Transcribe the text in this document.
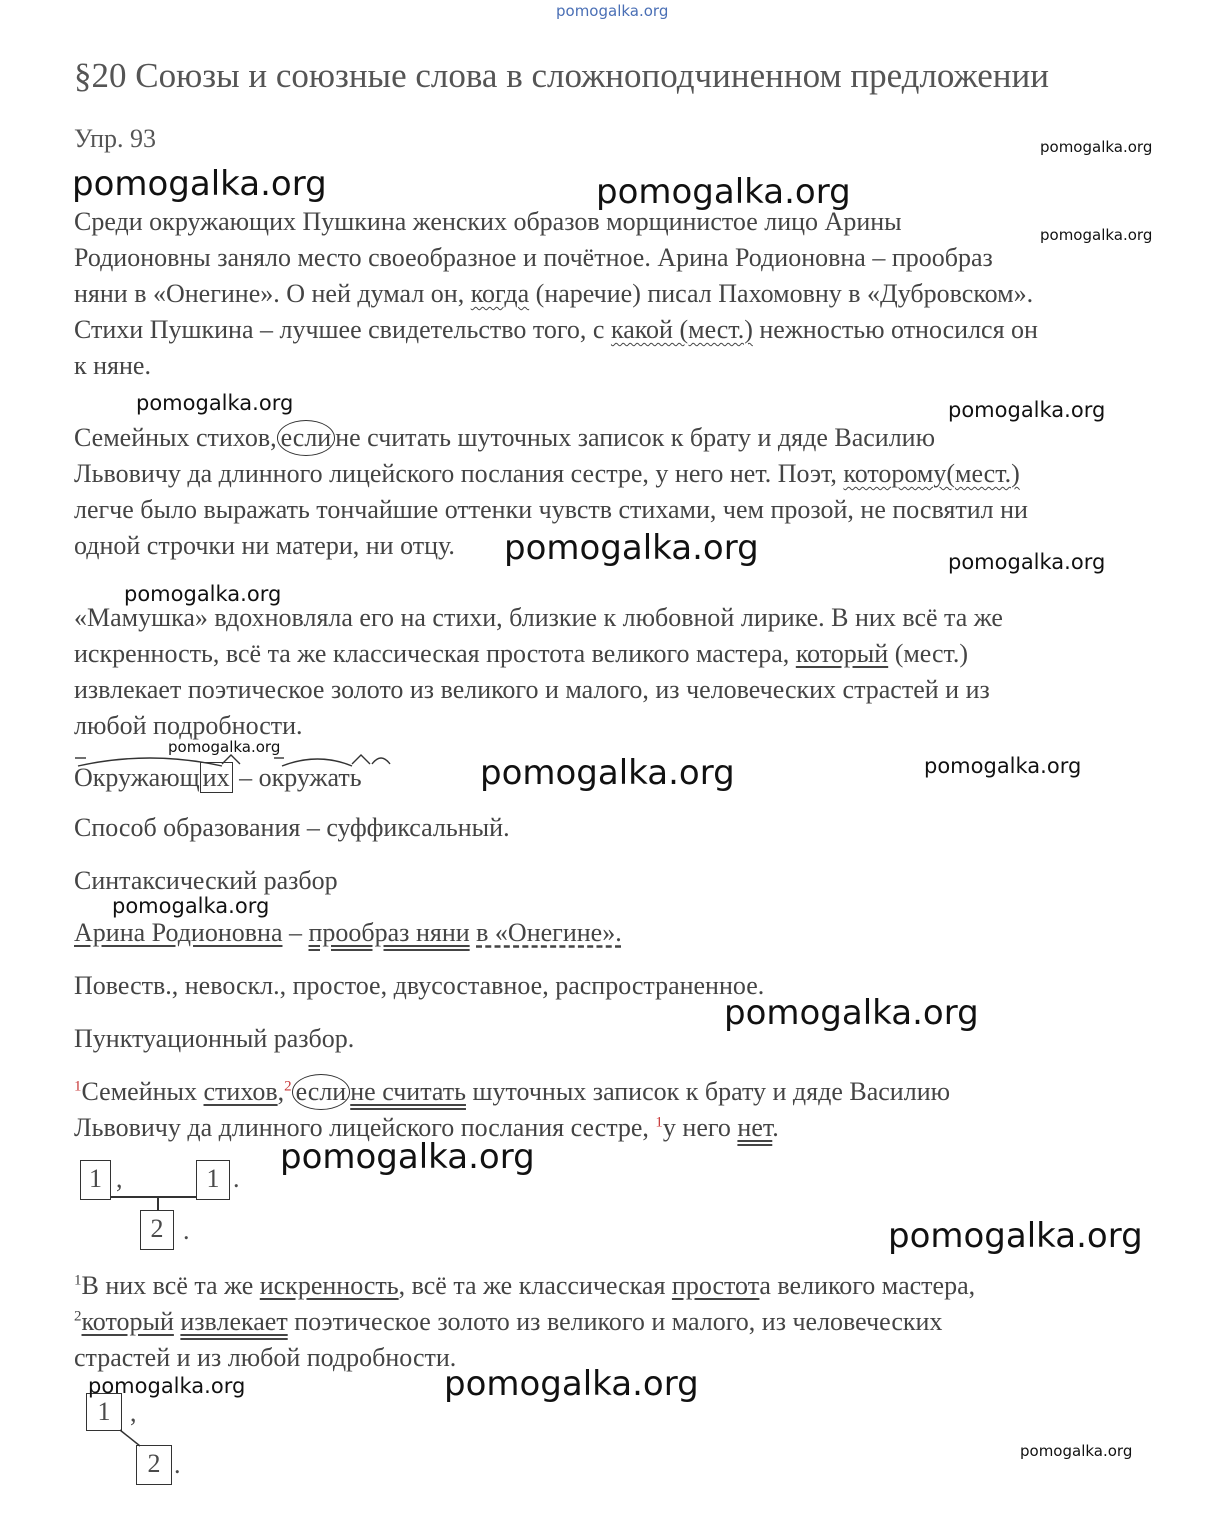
pomogalka.org
§20 Союзы и союзные слова в сложноподчиненном предложении
Упр. 93
Среди окружающих Пушкина женских образов морщинистое лицо Арины
Родионовны заняло место своеобразное и почётное. Арина Родионовна – прообраз
няни в «Онегине». О ней думал он, когда (наречие) писал Пахомовну в «Дубровском».
Стихи Пушкина – лучшее свидетельство того, с какой (мест.) нежностью относился он
к няне.
Семейных стихов, если не считать шуточных записок к брату и дяде Василию
Львовичу да длинного лицейского послания сестре, у него нет. Поэт, которому(мест.)
легче было выражать тончайшие оттенки чувств стихами, чем прозой, не посвятил ни
одной строчки ни матери, ни отцу.
«Мамушка» вдохновляла его на стихи, близкие к любовной лирике. В них всё та же
искренность, всё та же классическая простота великого мастера, который (мест.)
извлекает поэтическое золото из великого и малого, из человеческих страстей и из
любой подробности.
Окружающ их – окружать
Способ образования – суффиксальный.
Синтаксический разбор
Арина Родионовна – прообраз няни в «Онегине».
Повеств., невоскл., простое, двусоставное, распространенное.
Пунктуационный разбор.
$^1$Семейных стихов,$^2$ если не считать шуточных записок к брату и дяде Василию
Львовичу да длинного лицейского послания сестре, $^1$у него нет.
1 ,	1 .
2 .
$^1$В них всё та же искренность, всё та же классическая простота великого мастера,
$^2$который извлекает поэтическое золото из великого и малого, из человеческих
страстей и из любой подробности.
1 ,
2 .
pomogalka.org	pomogalka.org
pomogalka.org
pomogalka.org
pomogalka.org	pomogalka.org
pomogalka.org	pomogalka.org
pomogalka.org
pomogalka.org
pomogalka.org	pomogalka.org
pomogalka.org
pomogalka.org
pomogalka.org
pomogalka.org
pomogalka.org	pomogalka.org
pomogalka.org
